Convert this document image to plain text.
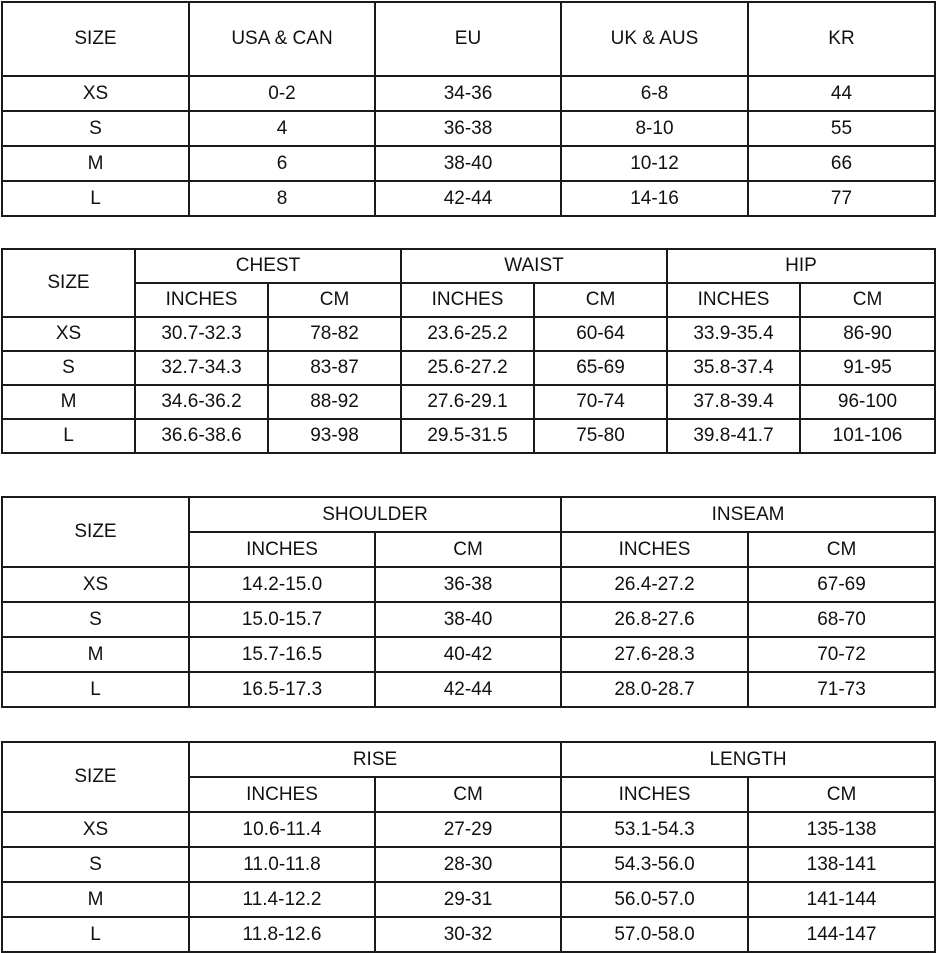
SIZE	USA & CAN	EU	UK & AUS	KR
XS	0-2	34-36	6-8	44
S	4	36-38	8-10	55
M	6	38-40	10-12	66
L	8	42-44	14-16	77
SIZE	CHEST		WAIST		HIP	
	INCHES	CM	INCHES	CM	INCHES	CM
XS	30.7-32.3	78-82	23.6-25.2	60-64	33.9-35.4	86-90
S	32.7-34.3	83-87	25.6-27.2	65-69	35.8-37.4	91-95
M	34.6-36.2	88-92	27.6-29.1	70-74	37.8-39.4	96-100
L	36.6-38.6	93-98	29.5-31.5	75-80	39.8-41.7	101-106
SIZE	SHOULDER		INSEAM	
	INCHES	CM	INCHES	CM
XS	14.2-15.0	36-38	26.4-27.2	67-69
S	15.0-15.7	38-40	26.8-27.6	68-70
M	15.7-16.5	40-42	27.6-28.3	70-72
L	16.5-17.3	42-44	28.0-28.7	71-73
SIZE	RISE		LENGTH	
	INCHES	CM	INCHES	CM
XS	10.6-11.4	27-29	53.1-54.3	135-138
S	11.0-11.8	28-30	54.3-56.0	138-141
M	11.4-12.2	29-31	56.0-57.0	141-144
L	11.8-12.6	30-32	57.0-58.0	144-147
